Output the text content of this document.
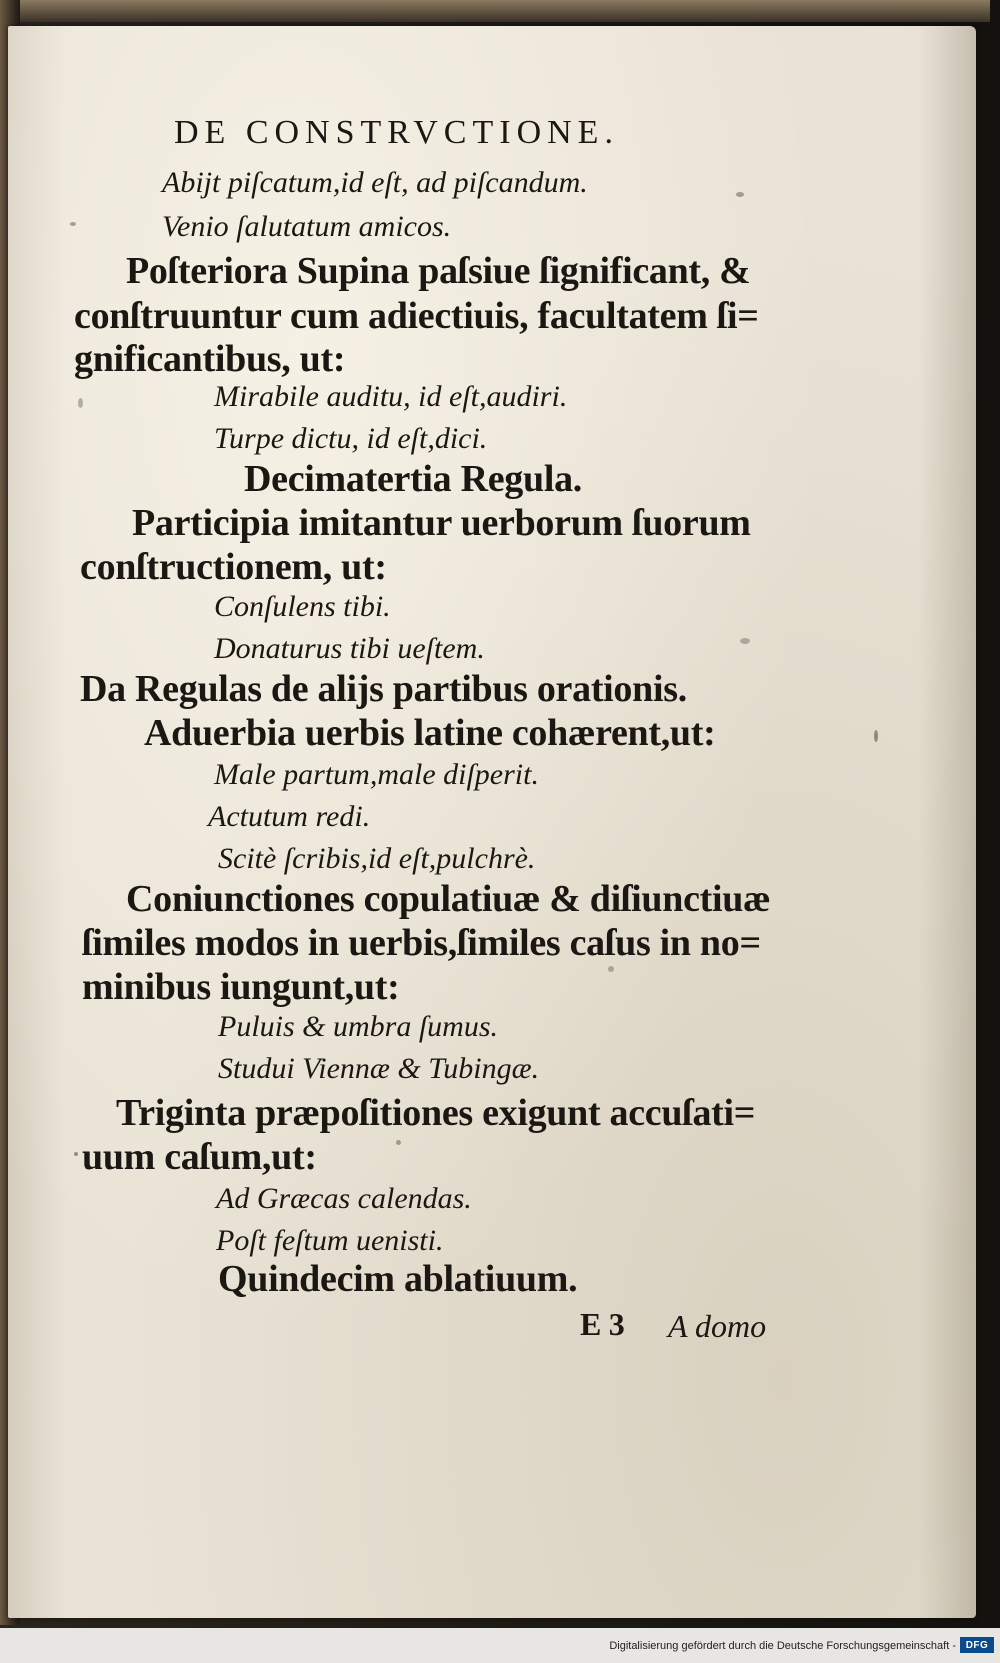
DE CONSTRVCTIONE.
Abijt piſcatum,id eſt, ad piſcandum.
Venio ſalutatum amicos.
Poſteriora Supina paſsiue ſignificant, &
conſtruuntur cum adiectiuis, facultatem ſi=
gnificantibus, ut:
Mirabile auditu, id eſt,audiri.
Turpe dictu, id eſt,dici.
Decimatertia Regula.
Participia imitantur uerborum ſuorum
conſtructionem, ut:
Conſulens tibi.
Donaturus tibi ueſtem.
Da Regulas de alijs partibus orationis.
Aduerbia uerbis latine cohærent,ut:
Male partum,male diſperit.
Actutum redi.
Scitè ſcribis,id eſt,pulchrè.
Coniunctiones copulatiuæ & diſiunctiuæ
ſimiles modos in uerbis,ſimiles caſus in no=
minibus iungunt,ut:
Puluis & umbra ſumus.
Studui Viennæ & Tubingæ.
Triginta præpoſitiones exigunt accuſati=
uum caſum,ut:
Ad Græcas calendas.
Poſt feſtum uenisti.
Quindecim ablatiuum.
E 3 A domo
Digitalisierung gefördert durch die Deutsche Forschungsgemeinschaft - DFG
